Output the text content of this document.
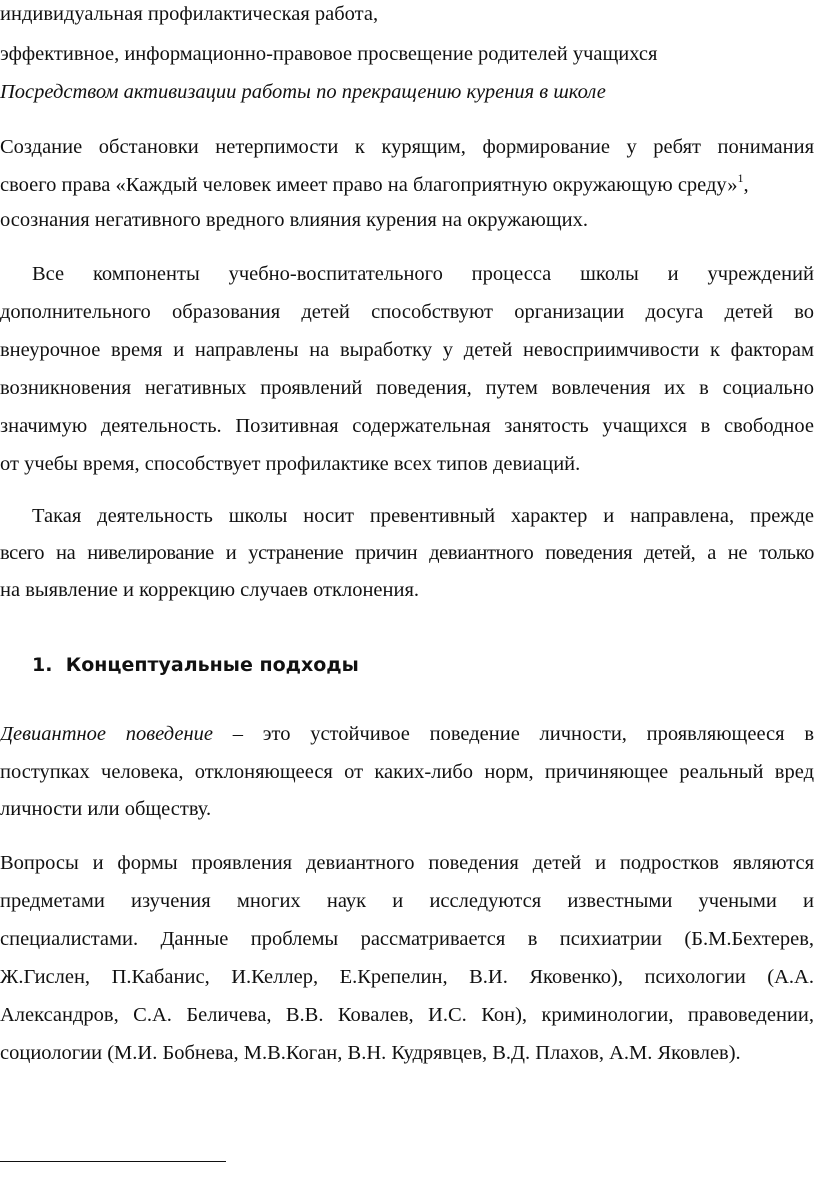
индивидуальная профилактическая работа,
эффективное, информационно-правовое просвещение родителей учащихся
Посредством активизации работы по прекращению курения в школе
Создание обстановки нетерпимости к курящим, формирование у ребят понимания
своего права «Каждый человек имеет право на благоприятную окружающую среду»$^1$,
осознания негативного вредного влияния курения на окружающих.
Все компоненты учебно-воспитательного процесса школы и учреждений
дополнительного образования детей способствуют организации досуга детей во
внеурочное время и направлены на выработку у детей невосприимчивости к факторам
возникновения негативных проявлений поведения, путем вовлечения их в социально
значимую деятельность. Позитивная содержательная занятость учащихся в свободное
от учебы время, способствует профилактике всех типов девиаций.
Такая деятельность школы носит превентивный характер и направлена, прежде
всего на нивелирование и устранение причин девиантного поведения детей, а не только
на выявление и коррекцию случаев отклонения.
1. Концептуальные подходы
Девиантное поведение – это устойчивое поведение личности, проявляющееся в
поступках человека, отклоняющееся от каких-либо норм, причиняющее реальный вред
личности или обществу.
Вопросы и формы проявления девиантного поведения детей и подростков являются
предметами изучения многих наук и исследуются известными учеными и
специалистами. Данные проблемы рассматривается в психиатрии (Б.М.Бехтерев,
Ж.Гислен, П.Кабанис, И.Келлер, Е.Крепелин, В.И. Яковенко), психологии (А.А.
Александров, С.А. Беличева, В.В. Ковалев, И.С. Кон), криминологии, правоведении,
социологии (М.И. Бобнева, М.В.Коган, В.Н. Кудрявцев, В.Д. Плахов, А.М. Яковлев).
